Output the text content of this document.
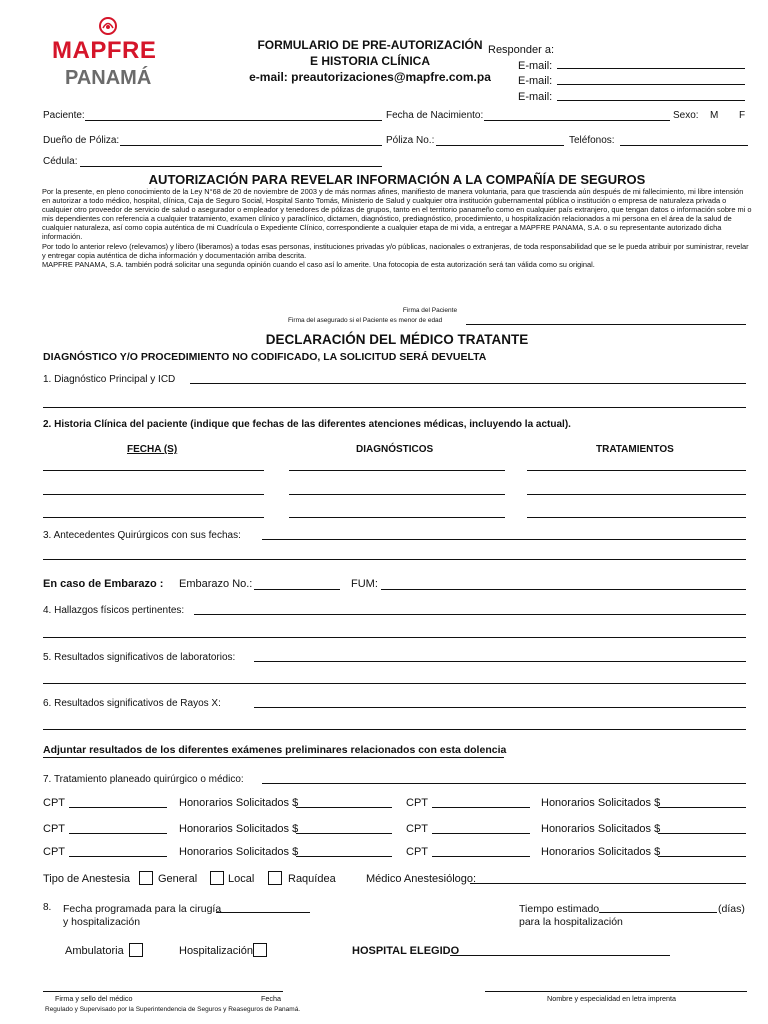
MAPFRE
PANAMÁ
FORMULARIO DE PRE-AUTORIZACIÓN
E HISTORIA CLÍNICA
e-mail: preautorizaciones@mapfre.com.pa
Responder a:
E-mail:
E-mail:
E-mail:
Paciente:	Fecha de Nacimiento:	Sexo: M F
Dueño de Póliza:	Póliza No.:	Teléfonos:
Cédula:
AUTORIZACIÓN PARA REVELAR INFORMACIÓN A LA COMPAÑÍA DE SEGUROS

Por la presente, en pleno conocimiento de la Ley N°68 de 20 de noviembre de 2003 y de más normas afines, manifiesto de manera voluntaria, para que trascienda aún después de mi fallecimiento, mi libre intensión en autorizar a todo médico, hospital, clínica, Caja de Seguro Social, Hospital Santo Tomás, Ministerio de Salud y cualquier otra institución gubernamental pública o institución o empresa de naturaleza privada o cualquier otro proveedor de servicio de salud o asegurador o empleador y tenedores de pólizas de grupos, tanto en el territorio panameño como en cualquier país extranjero, que tengan datos o información sobre mi o mis dependientes con referencia a cualquier tratamiento, examen clínico y paraclínico, dictamen, diagnóstico, prediagnóstico, procedimiento, u hospitalización relacionados a mi persona en el área de la salud de cualquier naturaleza, así como copia auténtica de mi Cuadrícula o Expediente Clínico, correspondiente a cualquier etapa de mi vida, a entregar a MAPFRE PANAMA, S.A. o su representante autorizado dicha información.

Por todo lo anterior relevo (relevamos) y libero (liberamos) a todas esas personas, instituciones privadas y/o públicas, nacionales o extranjeras, de toda responsabilidad que se le pueda atribuir por suministrar, revelar y entregar copia auténtica de dicha información y documentación arriba descrita.

MAPFRE PANAMA, S.A. también podrá solicitar una segunda opinión cuando el caso así lo amerite. Una fotocopia de esta autorización será tan válida como su original.

Firma del Paciente
Firma del asegurado si el Paciente es menor de edad
DECLARACIÓN DEL MÉDICO TRATANTE
DIAGNÓSTICO Y/O PROCEDIMIENTO NO CODIFICADO, LA SOLICITUD SERÁ DEVUELTA
1. Diagnóstico Principal y ICD
2. Historia Clínica del paciente (indique que fechas de las diferentes atenciones médicas, incluyendo la actual).
FECHA (S)	DIAGNÓSTICOS	TRATAMIENTOS
3. Antecedentes Quirúrgicos con sus fechas:
En caso de Embarazo : Embarazo No.:	FUM:
4. Hallazgos físicos pertinentes:
5. Resultados significativos de laboratorios:
6. Resultados significativos de Rayos X:
Adjuntar resultados de los diferentes exámenes preliminares relacionados con esta dolencia
7. Tratamiento planeado quirúrgico o médico:
CPT	Honorarios Solicitados $	CPT	Honorarios Solicitados $
CPT	Honorarios Solicitados $	CPT	Honorarios Solicitados $
CPT	Honorarios Solicitados $	CPT	Honorarios Solicitados $
Tipo de Anestesia	General	Local	Raquídea	Médico Anestesiólogo:
8. Fecha programada para la cirugía
y hospitalización
Tiempo estimado	(días)
para la hospitalización
Ambulatoria	Hospitalización	HOSPITAL ELEGIDO
Firma y sello del médico	Fecha	Nombre y especialidad en letra imprenta
Regulado y Supervisado por la Superintendencia de Seguros y Reaseguros de Panamá.
